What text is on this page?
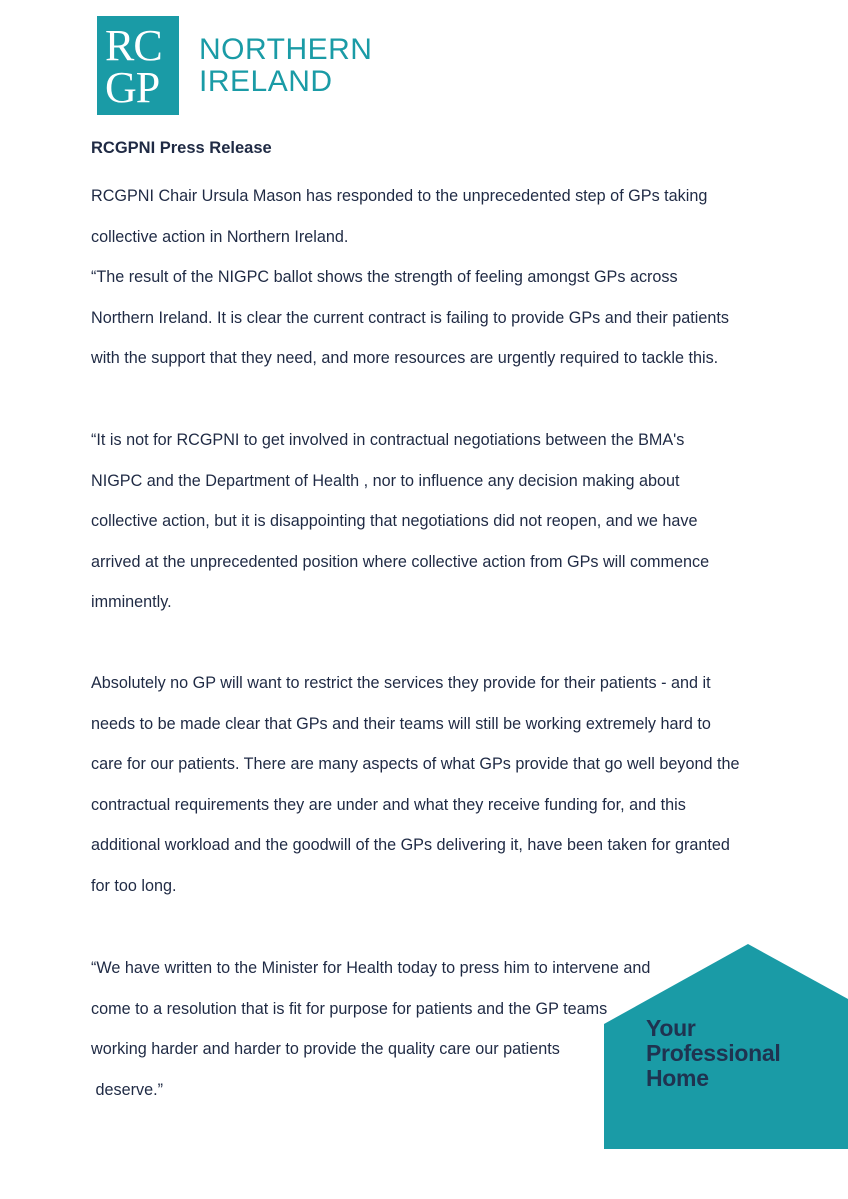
RC
GP
NORTHERN
IRELAND
RCGPNI Press Release

RCGPNI Chair Ursula Mason has responded to the unprecedented step of GPs taking
collective action in Northern Ireland.
“The result of the NIGPC ballot shows the strength of feeling amongst GPs across
Northern Ireland. It is clear the current contract is failing to provide GPs and their patients
with the support that they need, and more resources are urgently required to tackle this.

“It is not for RCGPNI to get involved in contractual negotiations between the BMA's
NIGPC and the Department of Health , nor to influence any decision making about
collective action, but it is disappointing that negotiations did not reopen, and we have
arrived at the unprecedented position where collective action from GPs will commence
imminently.

Absolutely no GP will want to restrict the services they provide for their patients - and it
needs to be made clear that GPs and their teams will still be working extremely hard to
care for our patients. There are many aspects of what GPs provide that go well beyond the
contractual requirements they are under and what they receive funding for, and this
additional workload and the goodwill of the GPs delivering it, have been taken for granted
for too long.

Your
Professional
Home

“We have written to the Minister for Health today to press him to intervene and
come to a resolution that is fit for purpose for patients and the GP teams
working harder and harder to provide the quality care our patients
deserve.”
